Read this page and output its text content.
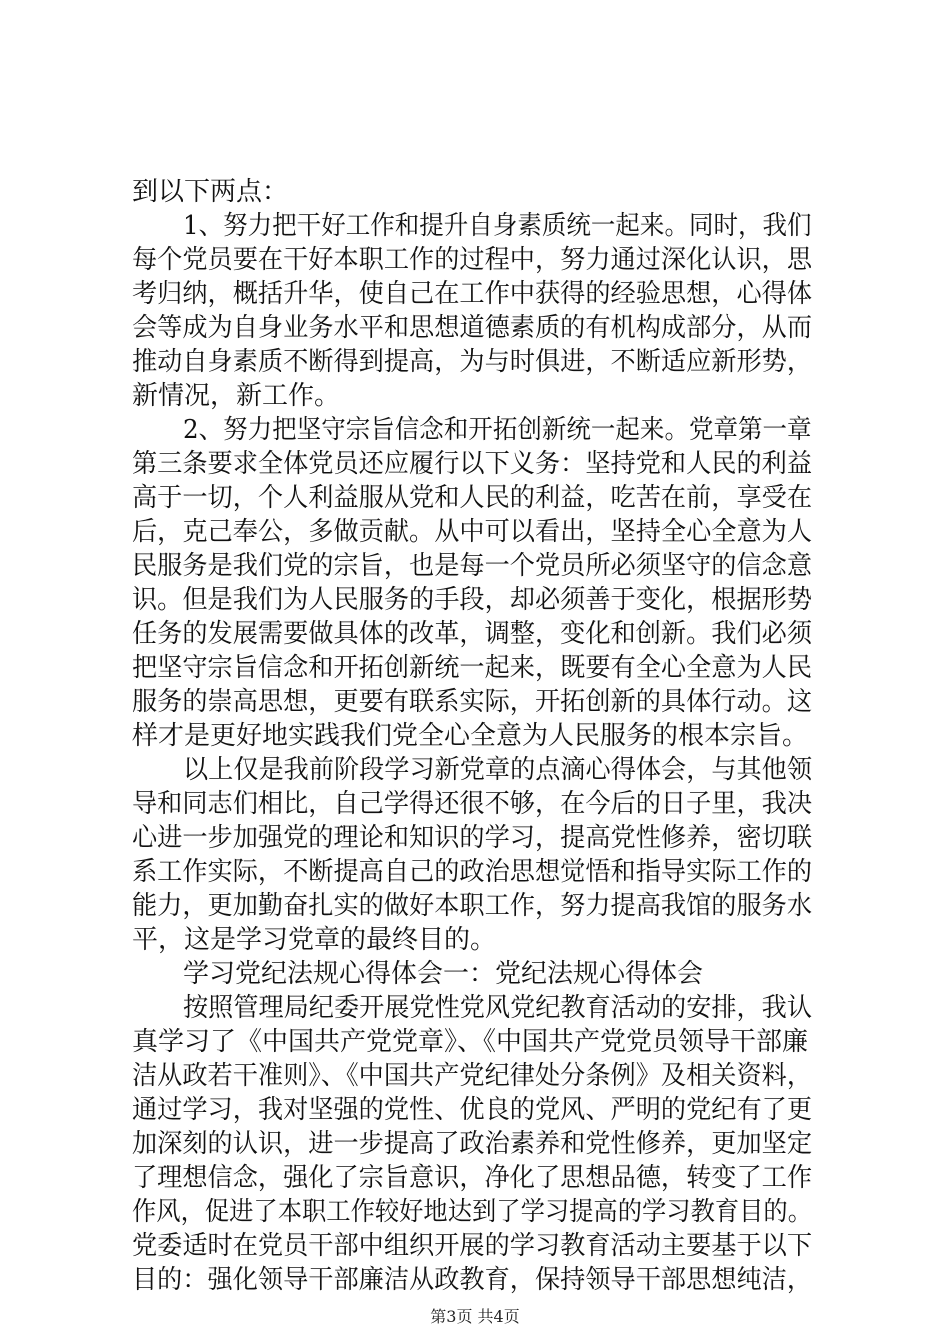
到以下两点：
1、努力把干好工作和提升自身素质统一起来。同时，我们
每个党员要在干好本职工作的过程中，努力通过深化认识，思
考归纳，概括升华，使自己在工作中获得的经验思想，心得体
会等成为自身业务水平和思想道德素质的有机构成部分，从而
推动自身素质不断得到提高，为与时俱进，不断适应新形势，
新情况，新工作。
2、努力把坚守宗旨信念和开拓创新统一起来。党章第一章
第三条要求全体党员还应履行以下义务：坚持党和人民的利益
高于一切，个人利益服从党和人民的利益，吃苦在前，享受在
后，克己奉公，多做贡献。从中可以看出，坚持全心全意为人
民服务是我们党的宗旨，也是每一个党员所必须坚守的信念意
识。但是我们为人民服务的手段，却必须善于变化，根据形势
任务的发展需要做具体的改革，调整，变化和创新。我们必须
把坚守宗旨信念和开拓创新统一起来，既要有全心全意为人民
服务的崇高思想，更要有联系实际，开拓创新的具体行动。这
样才是更好地实践我们党全心全意为人民服务的根本宗旨。
以上仅是我前阶段学习新党章的点滴心得体会，与其他领
导和同志们相比，自己学得还很不够，在今后的日子里，我决
心进一步加强党的理论和知识的学习，提高党性修养，密切联
系工作实际，不断提高自己的政治思想觉悟和指导实际工作的
能力，更加勤奋扎实的做好本职工作，努力提高我馆的服务水
平，这是学习党章的最终目的。
学习党纪法规心得体会一：党纪法规心得体会
按照管理局纪委开展党性党风党纪教育活动的安排，我认
真学习了《中国共产党党章》、《中国共产党党员领导干部廉
洁从政若干准则》、《中国共产党纪律处分条例》及相关资料，
通过学习，我对坚强的党性、优良的党风、严明的党纪有了更
加深刻的认识，进一步提高了政治素养和党性修养，更加坚定
了理想信念，强化了宗旨意识，净化了思想品德，转变了工作
作风，促进了本职工作较好地达到了学习提高的学习教育目的。
党委适时在党员干部中组织开展的学习教育活动主要基于以下
目的：强化领导干部廉洁从政教育，保持领导干部思想纯洁，
第3页 共4页
